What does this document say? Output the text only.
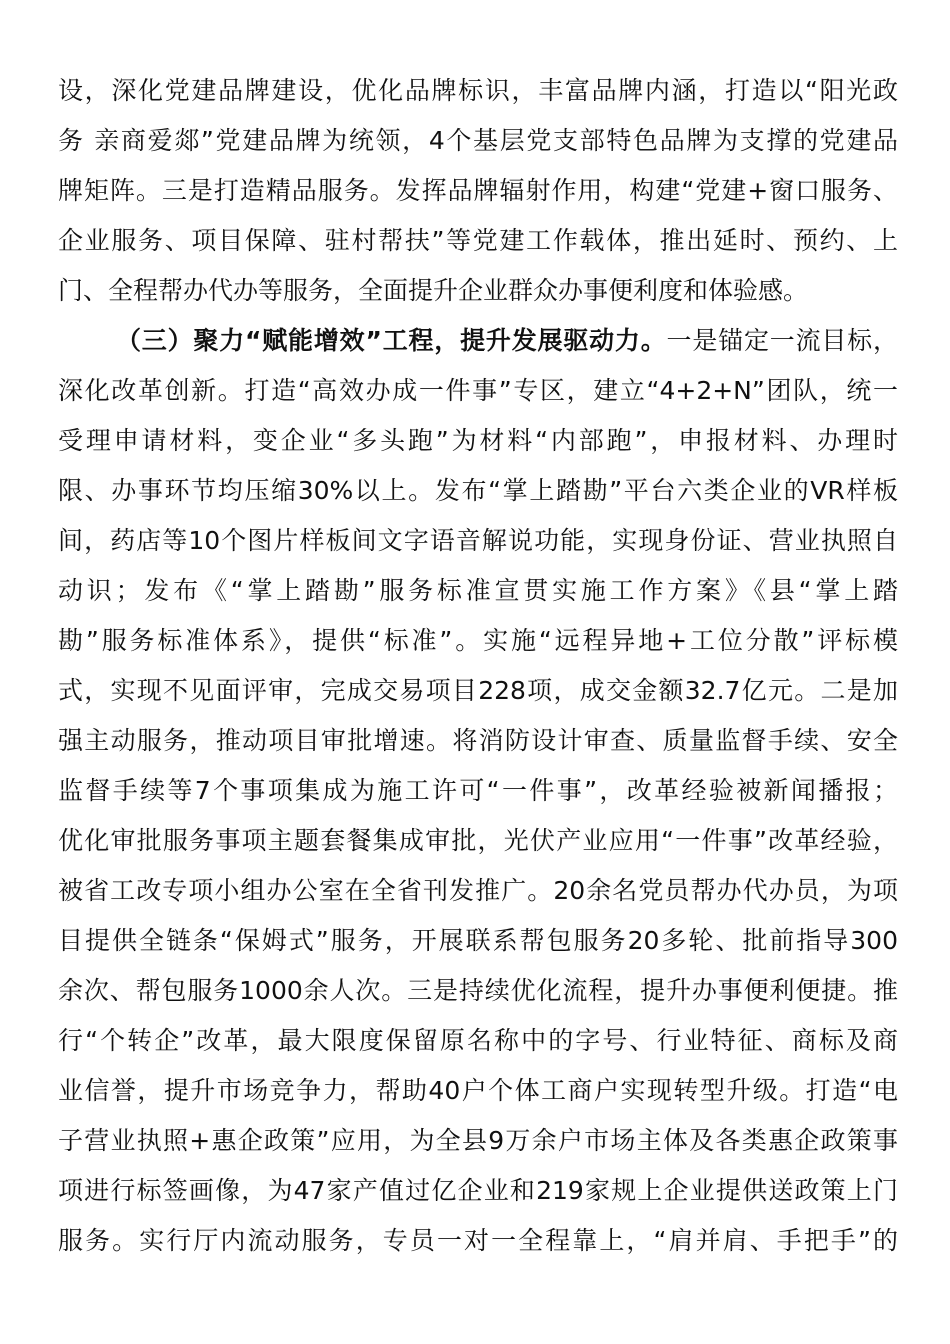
设，深化党建品牌建设，优化品牌标识，丰富品牌内涵，打造以“阳光政
务 亲商爱郯”党建品牌为统领，4个基层党支部特色品牌为支撑的党建品
牌矩阵。三是打造精品服务。发挥品牌辐射作用，构建“党建+窗口服务、
企业服务、项目保障、驻村帮扶”等党建工作载体，推出延时、预约、上
门、全程帮办代办等服务，全面提升企业群众办事便利度和体验感。
（三）聚力“赋能增效”工程，提升发展驱动力。一是锚定一流目标，
深化改革创新。打造“高效办成一件事”专区，建立“4+2+N”团队，统一
受理申请材料，变企业“多头跑”为材料“内部跑”，申报材料、办理时
限、办事环节均压缩30%以上。发布“掌上踏勘”平台六类企业的VR样板
间，药店等10个图片样板间文字语音解说功能，实现身份证、营业执照自
动识；发布《“掌上踏勘”服务标准宣贯实施工作方案》《县“掌上踏
勘”服务标准体系》，提供“标准”。实施“远程异地+工位分散”评标模
式，实现不见面评审，完成交易项目228项，成交金额32.7亿元。二是加
强主动服务，推动项目审批增速。将消防设计审查、质量监督手续、安全
监督手续等7个事项集成为施工许可“一件事”，改革经验被新闻播报；
优化审批服务事项主题套餐集成审批，光伏产业应用“一件事”改革经验，
被省工改专项小组办公室在全省刊发推广。20余名党员帮办代办员，为项
目提供全链条“保姆式”服务，开展联系帮包服务20多轮、批前指导300
余次、帮包服务1000余人次。三是持续优化流程，提升办事便利便捷。推
行“个转企”改革，最大限度保留原名称中的字号、行业特征、商标及商
业信誉，提升市场竞争力，帮助40户个体工商户实现转型升级。打造“电
子营业执照+惠企政策”应用，为全县9万余户市场主体及各类惠企政策事
项进行标签画像，为47家产值过亿企业和219家规上企业提供送政策上门
服务。实行厅内流动服务，专员一对一全程靠上，“肩并肩、手把手”的
